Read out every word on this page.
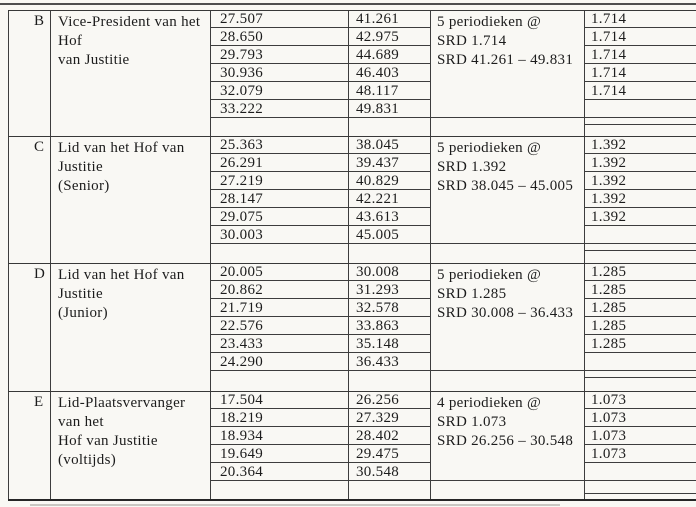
B Vice-President van het
Hof
van Justitie
27.507
28.650
29.793
30.936
32.079
33.222
41.261
42.975
44.689
46.403
48.117
49.831
5 periodieken @
SRD 1.714
SRD 41.261 – 49.831
1.714
1.714
1.714
1.714
1.714
C Lid van het Hof van
Justitie
(Senior)
25.363
26.291
27.219
28.147
29.075
30.003
38.045
39.437
40.829
42.221
43.613
45.005
5 periodieken @
SRD 1.392
SRD 38.045 – 45.005
1.392
1.392
1.392
1.392
1.392
D Lid van het Hof van
Justitie
(Junior)
20.005
20.862
21.719
22.576
23.433
24.290
30.008
31.293
32.578
33.863
35.148
36.433
5 periodieken @
SRD 1.285
SRD 30.008 – 36.433
1.285
1.285
1.285
1.285
1.285
E Lid-Plaatsvervanger
van het
Hof van Justitie
(voltijds)
17.504
18.219
18.934
19.649
20.364
26.256
27.329
28.402
29.475
30.548
4 periodieken @
SRD 1.073
SRD 26.256 – 30.548
1.073
1.073
1.073
1.073
